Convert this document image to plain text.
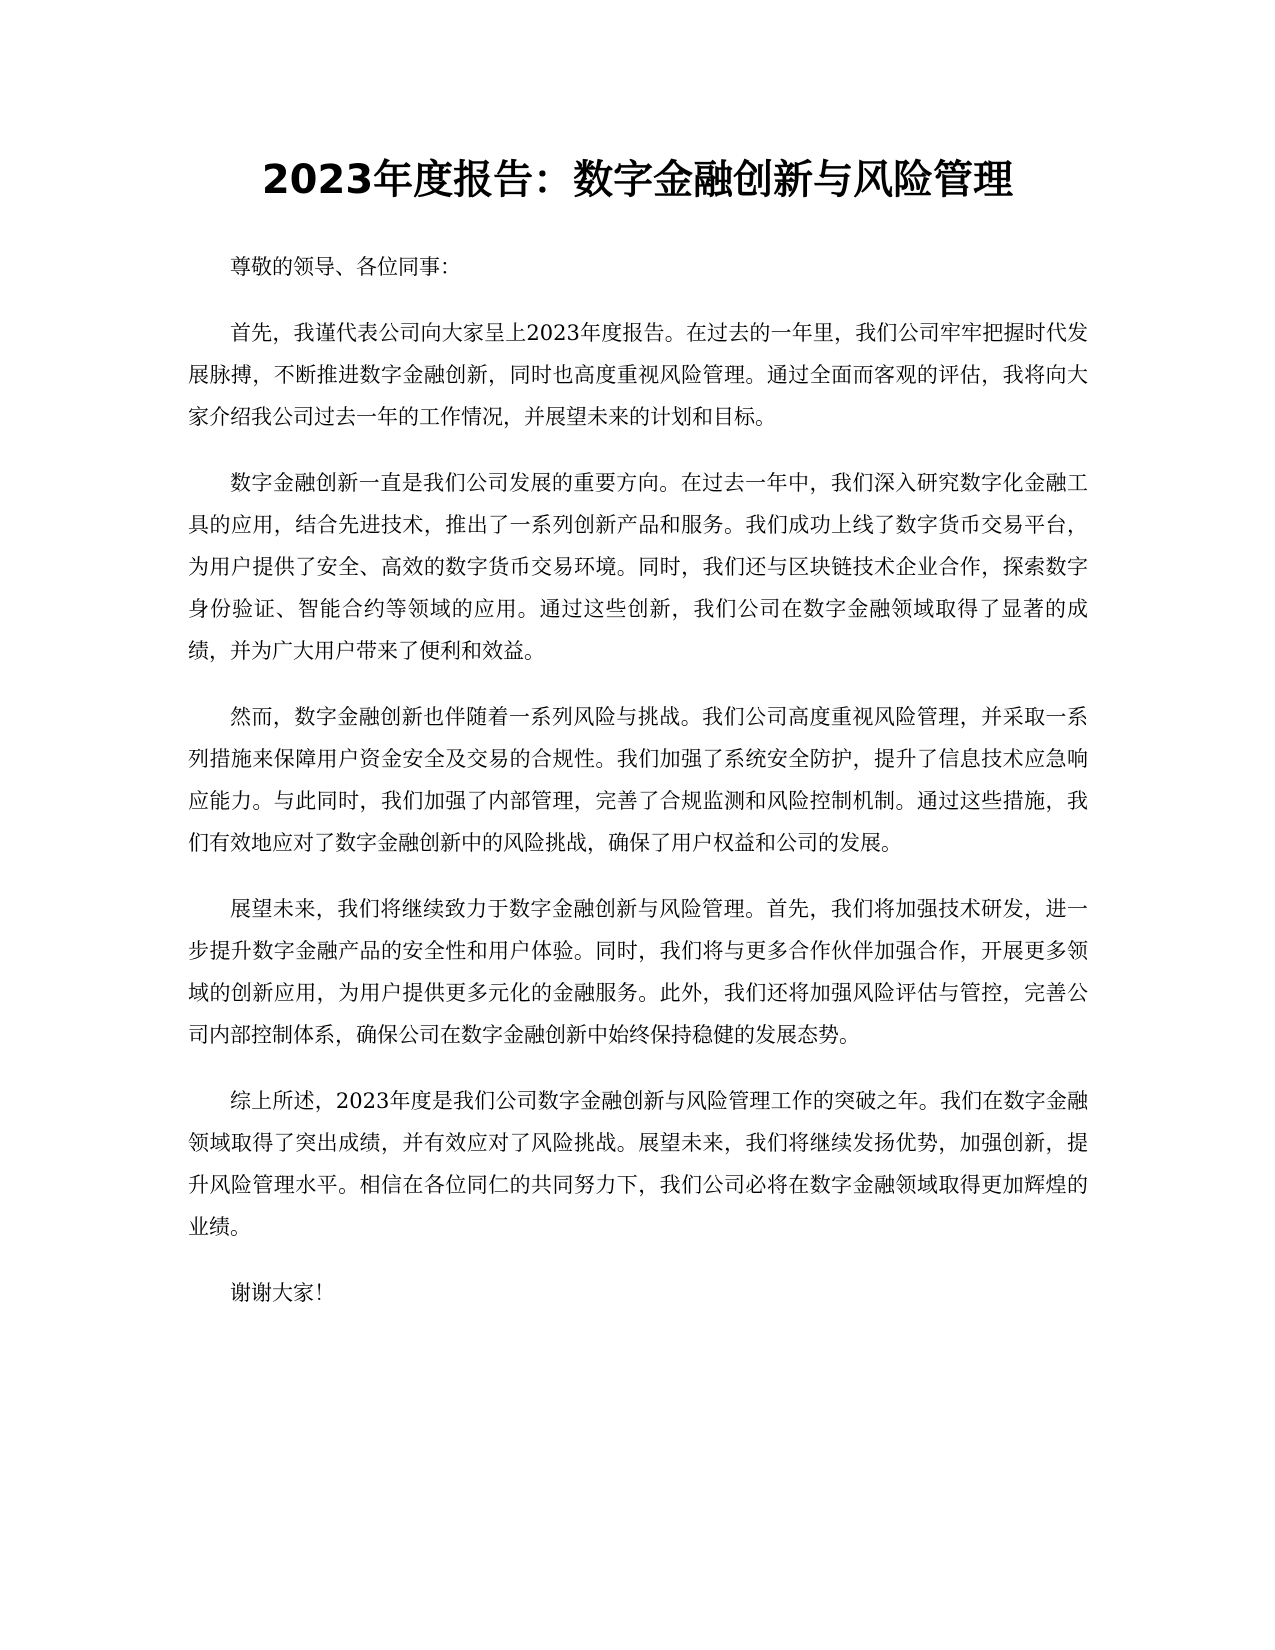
2023年度报告：数字金融创新与风险管理

尊敬的领导、各位同事：

首先，我谨代表公司向大家呈上2023年度报告。在过去的一年里，我们公司牢牢把握时代发展脉搏，不断推进数字金融创新，同时也高度重视风险管理。通过全面而客观的评估，我将向大家介绍我公司过去一年的工作情况，并展望未来的计划和目标。

数字金融创新一直是我们公司发展的重要方向。在过去一年中，我们深入研究数字化金融工具的应用，结合先进技术，推出了一系列创新产品和服务。我们成功上线了数字货币交易平台，为用户提供了安全、高效的数字货币交易环境。同时，我们还与区块链技术企业合作，探索数字身份验证、智能合约等领域的应用。通过这些创新，我们公司在数字金融领域取得了显著的成绩，并为广大用户带来了便利和效益。

然而，数字金融创新也伴随着一系列风险与挑战。我们公司高度重视风险管理，并采取一系列措施来保障用户资金安全及交易的合规性。我们加强了系统安全防护，提升了信息技术应急响应能力。与此同时，我们加强了内部管理，完善了合规监测和风险控制机制。通过这些措施，我们有效地应对了数字金融创新中的风险挑战，确保了用户权益和公司的发展。

展望未来，我们将继续致力于数字金融创新与风险管理。首先，我们将加强技术研发，进一步提升数字金融产品的安全性和用户体验。同时，我们将与更多合作伙伴加强合作，开展更多领域的创新应用，为用户提供更多元化的金融服务。此外，我们还将加强风险评估与管控，完善公司内部控制体系，确保公司在数字金融创新中始终保持稳健的发展态势。

综上所述，2023年度是我们公司数字金融创新与风险管理工作的突破之年。我们在数字金融领域取得了突出成绩，并有效应对了风险挑战。展望未来，我们将继续发扬优势，加强创新，提升风险管理水平。相信在各位同仁的共同努力下，我们公司必将在数字金融领域取得更加辉煌的业绩。

谢谢大家！
